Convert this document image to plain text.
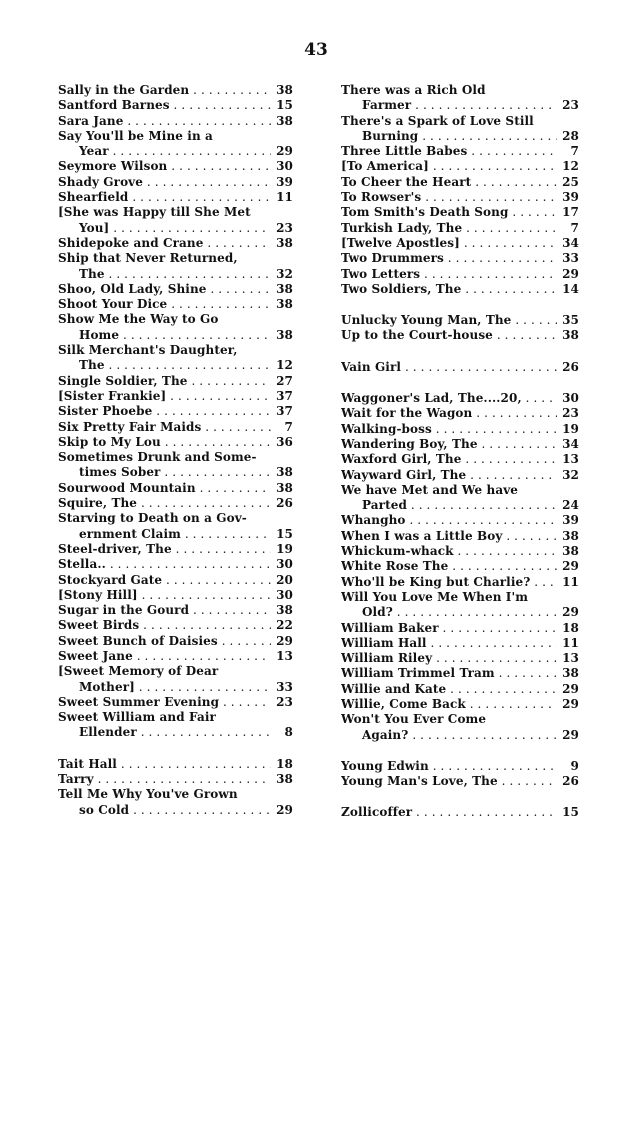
43
Sally in the Garden . . .	38
Santford Barnes . . .	15
Sara Jane . . .	38
Say You'll be Mine in a
Year . . .	29
Seymore Wilson . . .	30
Shady Grove . . .	39
Shearfield . . .	11
[She was Happy till She Met
You] . . .	23
Shidepoke and Crane . . .	38
Ship that Never Returned,
The . . .	32
Shoo, Old Lady, Shine . . .	38
Shoot Your Dice . . .	38
Show Me the Way to Go
Home . . .	38
Silk Merchant's Daughter,
The . . .	12
Single Soldier, The . . .	27
[Sister Frankie] . . .	37
Sister Phoebe . . .	37
Six Pretty Fair Maids . . .	7
Skip to My Lou . . .	36
Sometimes Drunk and Some-
times Sober . . .	38
Sourwood Mountain . . .	38
Squire, The . . .	26
Starving to Death on a Gov-
ernment Claim . . .	15
Steel-driver, The . . .	19
Stella.. . . .	30
Stockyard Gate . . .	20
[Stony Hill] . . .	30
Sugar in the Gourd . . .	38
Sweet Birds . . .	22
Sweet Bunch of Daisies . . .	29
Sweet Jane . . .	13
[Sweet Memory of Dear
Mother] . . .	33
Sweet Summer Evening . . .	23
Sweet William and Fair
Ellender . . .	8
Tait Hall . . .	18
Tarry . . .	38
Tell Me Why You've Grown
so Cold . . .	29
There was a Rich Old
Farmer . . .	23
There's a Spark of Love Still
Burning . . .	28
Three Little Babes . . .	7
[To America] . . .	12
To Cheer the Heart . . .	25
To Rowser's . . .	39
Tom Smith's Death Song . . .	17
Turkish Lady, The . . .	7
[Twelve Apostles] . . .	34
Two Drummers . . .	33
Two Letters . . .	29
Two Soldiers, The . . .	14
Unlucky Young Man, The . . .	35
Up to the Court-house . . .	38
Vain Girl . . .	26
Waggoner's Lad, The....20, . . .	30
Wait for the Wagon . . .	23
Walking-boss . . .	19
Wandering Boy, The . . .	34
Waxford Girl, The . . .	13
Wayward Girl, The . . .	32
We have Met and We have
Parted . . .	24
Whangho . . .	39
When I was a Little Boy . . .	38
Whickum-whack . . .	38
White Rose The . . .	29
Who'll be King but Charlie? . . .	11
Will You Love Me When I'm
Old? . . .	29
William Baker . . .	18
William Hall . . .	11
William Riley . . .	13
William Trimmel Tram . . .	38
Willie and Kate . . .	29
Willie, Come Back . . .	29
Won't You Ever Come
Again? . . .	29
Young Edwin . . .	9
Young Man's Love, The . . .	26
Zollicoffer . . .	15
